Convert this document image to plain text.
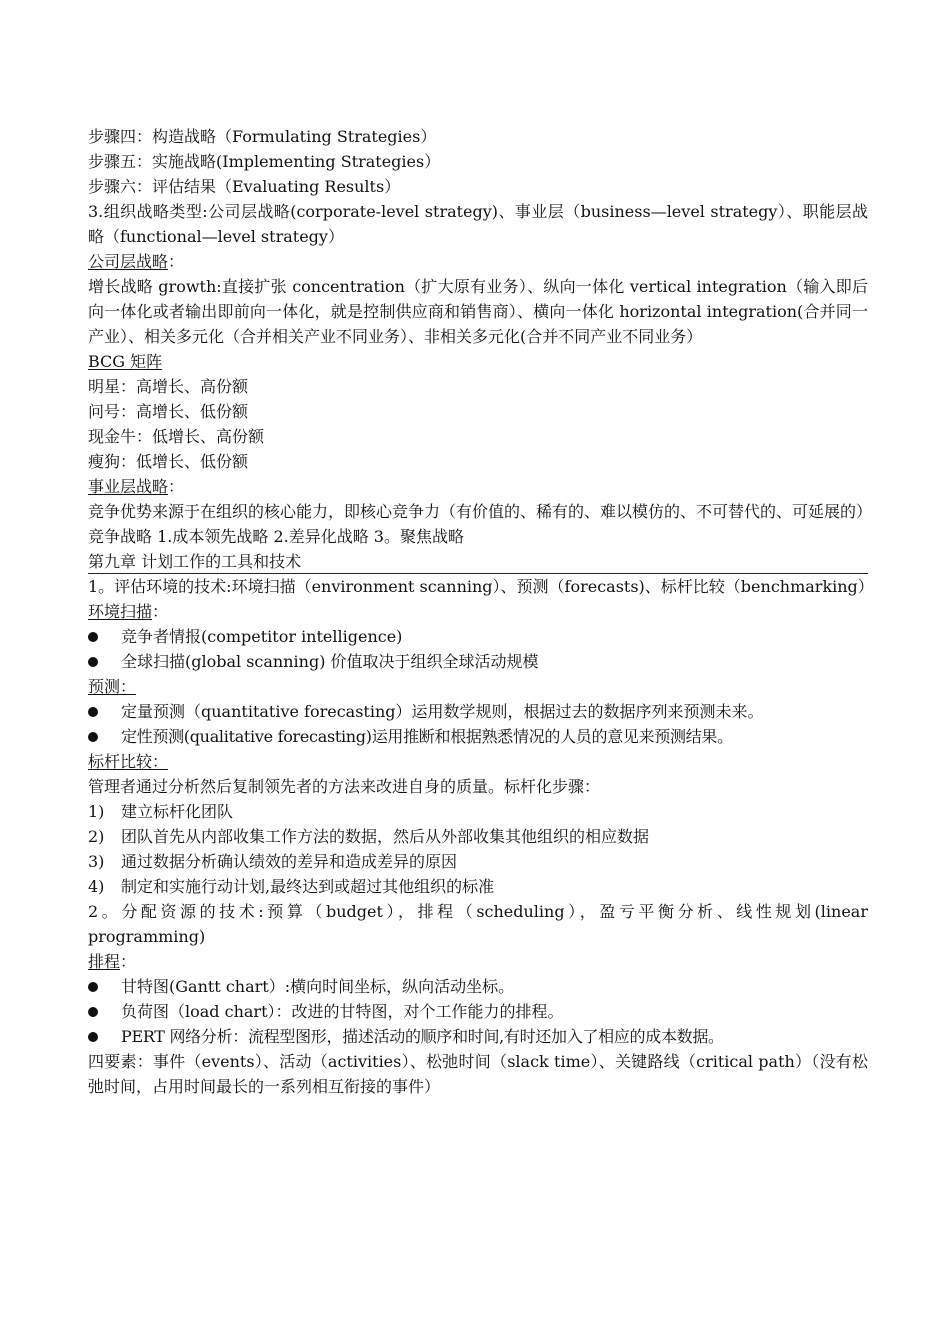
步骤四：构造战略（Formulating Strategies）
步骤五：实施战略(Implementing Strategies）
步骤六：评估结果（Evaluating Results）
3.组织战略类型:公司层战略(corporate-level strategy)、事业层（business—level strategy）、职能层战略（functional—level strategy）
公司层战略：
增长战略 growth:直接扩张 concentration（扩大原有业务）、纵向一体化 vertical integration（输入即后向一体化或者输出即前向一体化，就是控制供应商和销售商）、横向一体化 horizontal integration(合并同一产业）、相关多元化（合并相关产业不同业务）、非相关多元化(合并不同产业不同业务）
BCG 矩阵
明星：高增长、高份额
问号：高增长、低份额
现金牛：低增长、高份额
瘦狗：低增长、低份额
事业层战略：
竞争优势来源于在组织的核心能力，即核心竞争力（有价值的、稀有的、难以模仿的、不可替代的、可延展的）
竞争战略 1.成本领先战略 2.差异化战略 3。聚焦战略
第九章 计划工作的工具和技术
1。评估环境的技术:环境扫描（environment scanning）、预测（forecasts)、标杆比较（benchmarking）
环境扫描：
竞争者情报(competitor intelligence)
全球扫描(global scanning) 价值取决于组织全球活动规模
预测：
定量预测（quantitative forecasting）运用数学规则，根据过去的数据序列来预测未来。
定性预测(qualitative forecasting)运用推断和根据熟悉情况的人员的意见来预测结果。
标杆比较：
管理者通过分析然后复制领先者的方法来改进自身的质量。标杆化步骤：
1) 建立标杆化团队
2) 团队首先从内部收集工作方法的数据，然后从外部收集其他组织的相应数据
3) 通过数据分析确认绩效的差异和造成差异的原因
4) 制定和实施行动计划,最终达到或超过其他组织的标准
2。分配资源的技术:预算（budget），排程（scheduling），盈亏平衡分析、线性规划(linear programming)
排程：
甘特图(Gantt chart）:横向时间坐标，纵向活动坐标。
负荷图（load chart）：改进的甘特图，对个工作能力的排程。
PERT 网络分析：流程型图形，描述活动的顺序和时间,有时还加入了相应的成本数据。
四要素：事件（events）、活动（activities）、松弛时间（slack time）、关键路线（critical path）（没有松弛时间，占用时间最长的一系列相互衔接的事件）
